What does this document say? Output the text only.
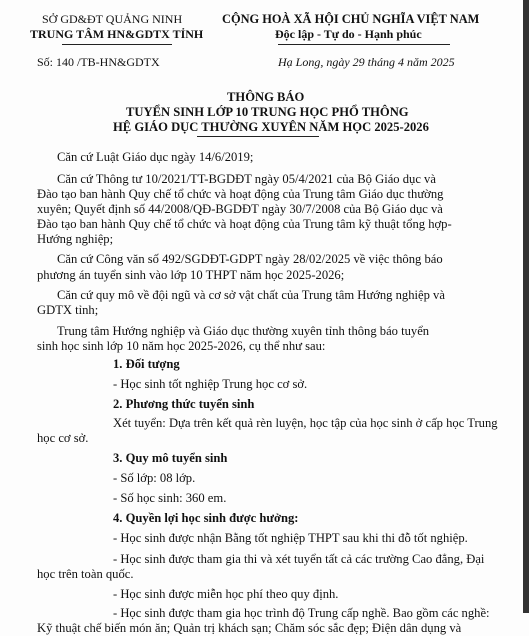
SỞ GD&ĐT QUẢNG NINH
TRUNG TÂM HN&GDTX TỈNH
CỘNG HOÀ XÃ HỘI CHỦ NGHĨA VIỆT NAM
Độc lập - Tự do - Hạnh phúc
Số: 140 /TB-HN&GDTX	Hạ Long, ngày 29 tháng 4 năm 2025
THÔNG BÁO
TUYỂN SINH LỚP 10 TRUNG HỌC PHỔ THÔNG
HỆ GIÁO DỤC THƯỜNG XUYÊN NĂM HỌC 2025-2026
Căn cứ Luật Giáo dục ngày 14/6/2019;
Căn cứ Thông tư 10/2021/TT-BGDĐT ngày 05/4/2021 của Bộ Giáo dục và
Đào tạo ban hành Quy chế tổ chức và hoạt động của Trung tâm Giáo dục thường
xuyên; Quyết định số 44/2008/QĐ-BGDĐT ngày 30/7/2008 của Bộ Giáo dục và
Đào tạo ban hành Quy chế tổ chức và hoạt động của Trung tâm kỹ thuật tổng hợp-
Hướng nghiệp;
Căn cứ Công văn số 492/SGDĐT-GDPT ngày 28/02/2025 về việc thông báo
phương án tuyển sinh vào lớp 10 THPT năm học 2025-2026;
Căn cứ quy mô về đội ngũ và cơ sở vật chất của Trung tâm Hướng nghiệp và
GDTX tỉnh;
Trung tâm Hướng nghiệp và Giáo dục thường xuyên tỉnh thông báo tuyển
sinh học sinh lớp 10 năm học 2025-2026, cụ thể như sau:
1. Đối tượng
- Học sinh tốt nghiệp Trung học cơ sở.
2. Phương thức tuyển sinh
Xét tuyển: Dựa trên kết quả rèn luyện, học tập của học sinh ở cấp học Trung
học cơ sở.
3. Quy mô tuyển sinh
- Số lớp: 08 lớp.
- Số học sinh: 360 em.
4. Quyền lợi học sinh được hưởng:
- Học sinh được nhận Bằng tốt nghiệp THPT sau khi thi đỗ tốt nghiệp.
- Học sinh được tham gia thi và xét tuyển tất cả các trường Cao đẳng, Đại
học trên toàn quốc.
- Học sinh được miễn học phí theo quy định.
- Học sinh được tham gia học trình độ Trung cấp nghề. Bao gồm các nghề:
Kỹ thuật chế biến món ăn; Quản trị khách sạn; Chăm sóc sắc đẹp; Điện dân dụng và
